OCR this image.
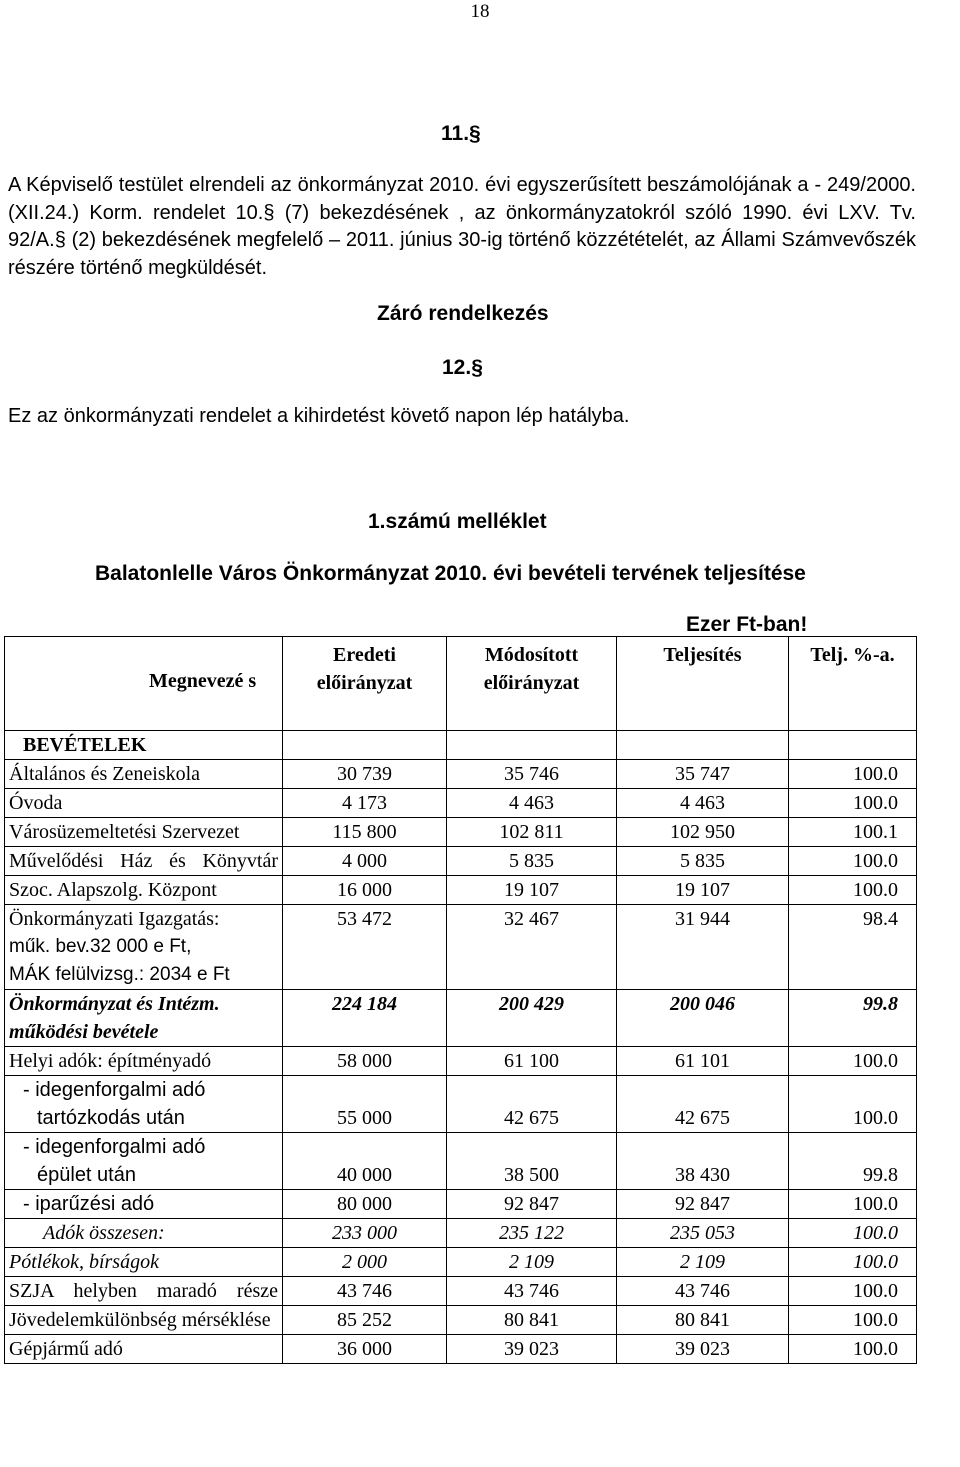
18
11.§
A Képviselő testület elrendeli az önkormányzat 2010. évi egyszerűsített beszámolójának a - 249/2000.(XII.24.) Korm. rendelet 10.§ (7) bekezdésének , az önkormányzatokról szóló 1990. évi LXV. Tv. 92/A.§ (2) bekezdésének megfelelő – 2011. június 30-ig történő közzétételét, az Állami Számvevőszék részére történő megküldését.
Záró rendelkezés
12.§
Ez az önkormányzati rendelet a kihirdetést követő napon lép hatályba.
1.számú melléklet
Balatonlelle Város Önkormányzat 2010. évi bevételi tervének teljesítése
Ezer Ft-ban!
Megnevezé s	Eredeti előirányzat	Módosított előirányzat	Teljesítés	Telj. %-a.
BEVÉTELEK				
Általános és Zeneiskola	30 739	35 746	35 747	100.0
Óvoda	4 173	4 463	4 463	100.0
Városüzemeltetési Szervezet	115 800	102 811	102 950	100.1
Művelődési Ház és Könyvtár	4 000	5 835	5 835	100.0
Szoc. Alapszolg. Központ	16 000	19 107	19 107	100.0

Önkormányzati Igazgatás:
műk. bev.32 000 e Ft,
MÁK felülvizsg.: 2034 e Ft	53 472	32 467	31 944	98.4
Önkormányzat és Intézm. működési bevétele	224 184	200 429	200 046	99.8
Helyi adók: építményadó	58 000	61 100	61 101	100.0

- idegenforgalmi adó
tartózkodás után	55 000	42 675	42 675	100.0

- idegenforgalmi adó
épület után	40 000	38 500	38 430	99.8
- iparűzési adó	80 000	92 847	92 847	100.0
Adók összesen:	233 000	235 122	235 053	100.0
Pótlékok, bírságok	2 000	2 109	2 109	100.0
SZJA helyben maradó része	43 746	43 746	43 746	100.0
Jövedelemkülönbség mérséklése	85 252	80 841	80 841	100.0
Gépjármű adó	36 000	39 023	39 023	100.0
